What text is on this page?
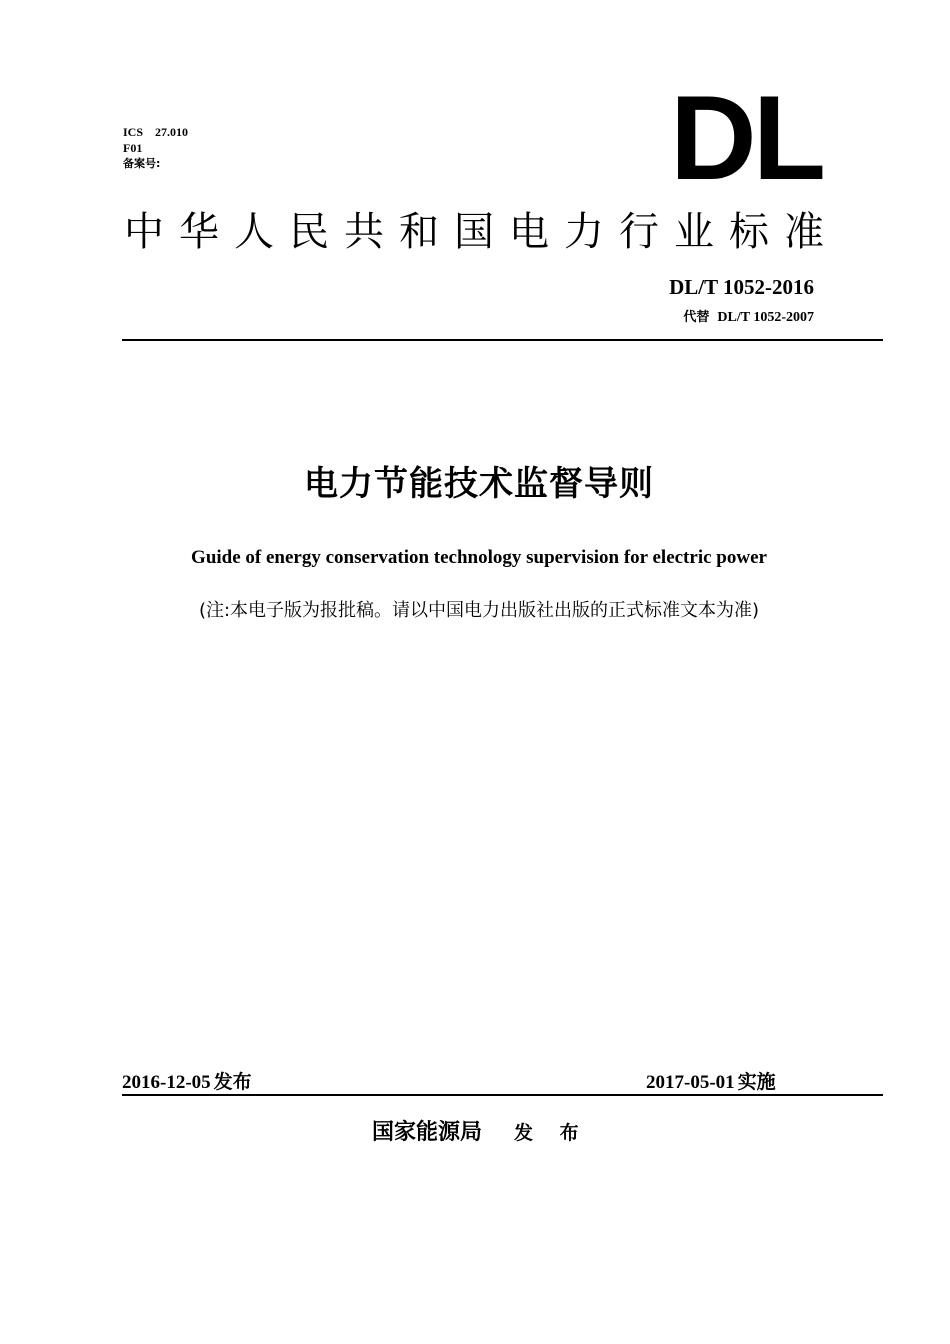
ICS    27.010
F01
备案号:	DL
中华人民共和国电力行业标准
DL/T 1052-2016
代替 DL/T 1052-2007
电力节能技术监督导则
Guide of energy conservation technology supervision for electric power
(注:本电子版为报批稿。请以中国电力出版社出版的正式标准文本为准)
2016-12-05 发布	2017-05-01 实施
国家能源局 发 布
